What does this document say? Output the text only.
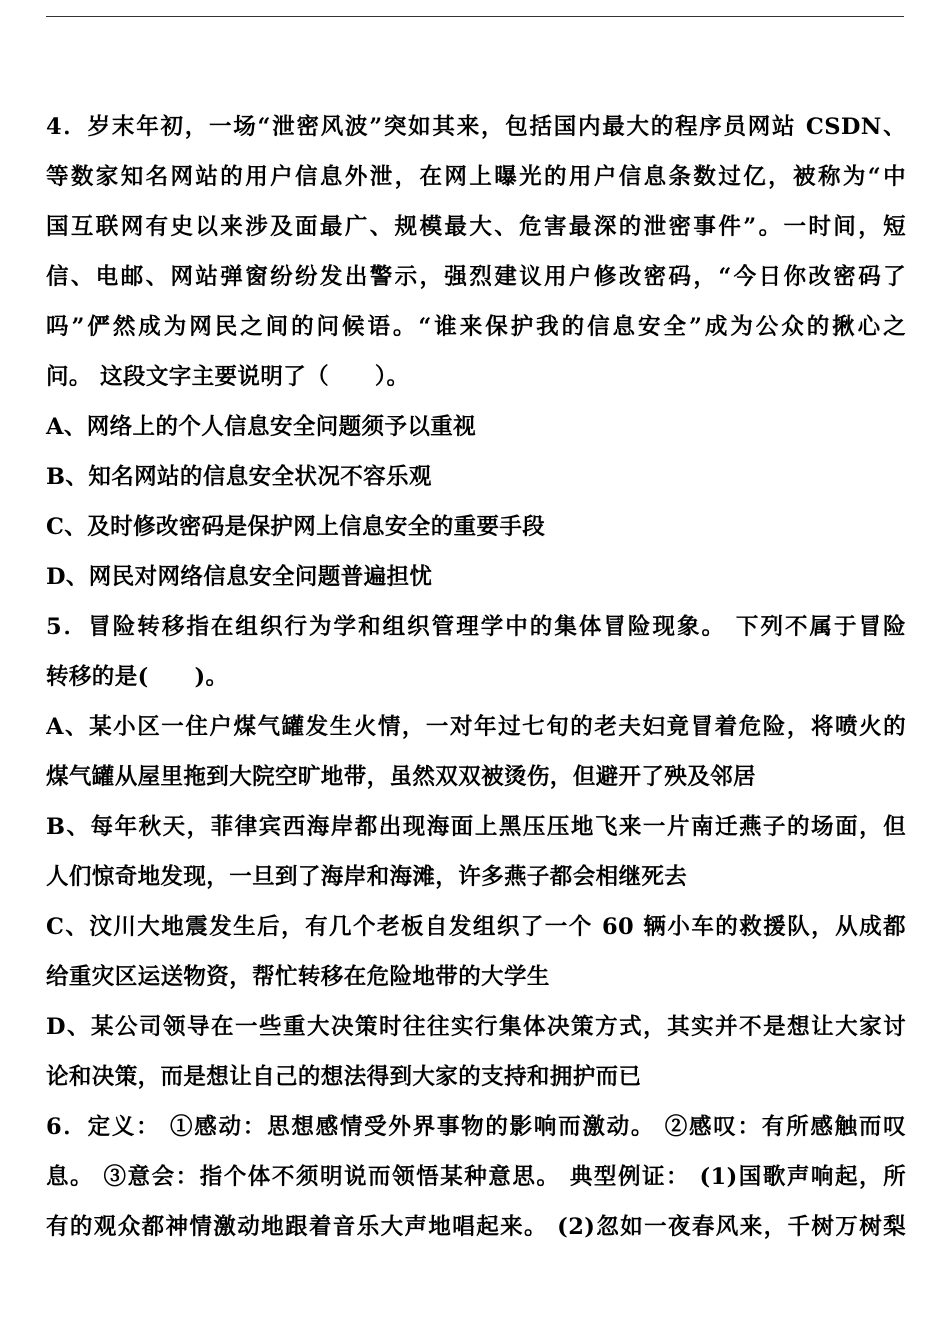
4．岁末年初，一场“泄密风波”突如其来，包括国内最大的程序员网站 CSDN、
等数家知名网站的用户信息外泄，在网上曝光的用户信息条数过亿，被称为“中
国互联网有史以来涉及面最广、规模最大、危害最深的泄密事件”。一时间，短
信、电邮、网站弹窗纷纷发出警示，强烈建议用户修改密码，“今日你改密码了
吗”俨然成为网民之间的问候语。“谁来保护我的信息安全”成为公众的揪心之
问。 这段文字主要说明了（　　）。
A、网络上的个人信息安全问题须予以重视
B、知名网站的信息安全状况不容乐观
C、及时修改密码是保护网上信息安全的重要手段
D、网民对网络信息安全问题普遍担忧
5．冒险转移指在组织行为学和组织管理学中的集体冒险现象。 下列不属于冒险
转移的是(　　)。
A、某小区一住户煤气罐发生火情，一对年过七旬的老夫妇竟冒着危险，将喷火的
煤气罐从屋里拖到大院空旷地带，虽然双双被烫伤，但避开了殃及邻居
B、每年秋天，菲律宾西海岸都出现海面上黑压压地飞来一片南迁燕子的场面，但
人们惊奇地发现，一旦到了海岸和海滩，许多燕子都会相继死去
C、汶川大地震发生后，有几个老板自发组织了一个 60 辆小车的救援队，从成都
给重灾区运送物资，帮忙转移在危险地带的大学生
D、某公司领导在一些重大决策时往往实行集体决策方式，其实并不是想让大家讨
论和决策，而是想让自己的想法得到大家的支持和拥护而已
6．定义： ①感动：思想感情受外界事物的影响而激动。 ②感叹：有所感触而叹
息。 ③意会：指个体不须明说而领悟某种意思。 典型例证： (1)国歌声响起，所
有的观众都神情激动地跟着音乐大声地唱起来。 (2)忽如一夜春风来，千树万树梨
